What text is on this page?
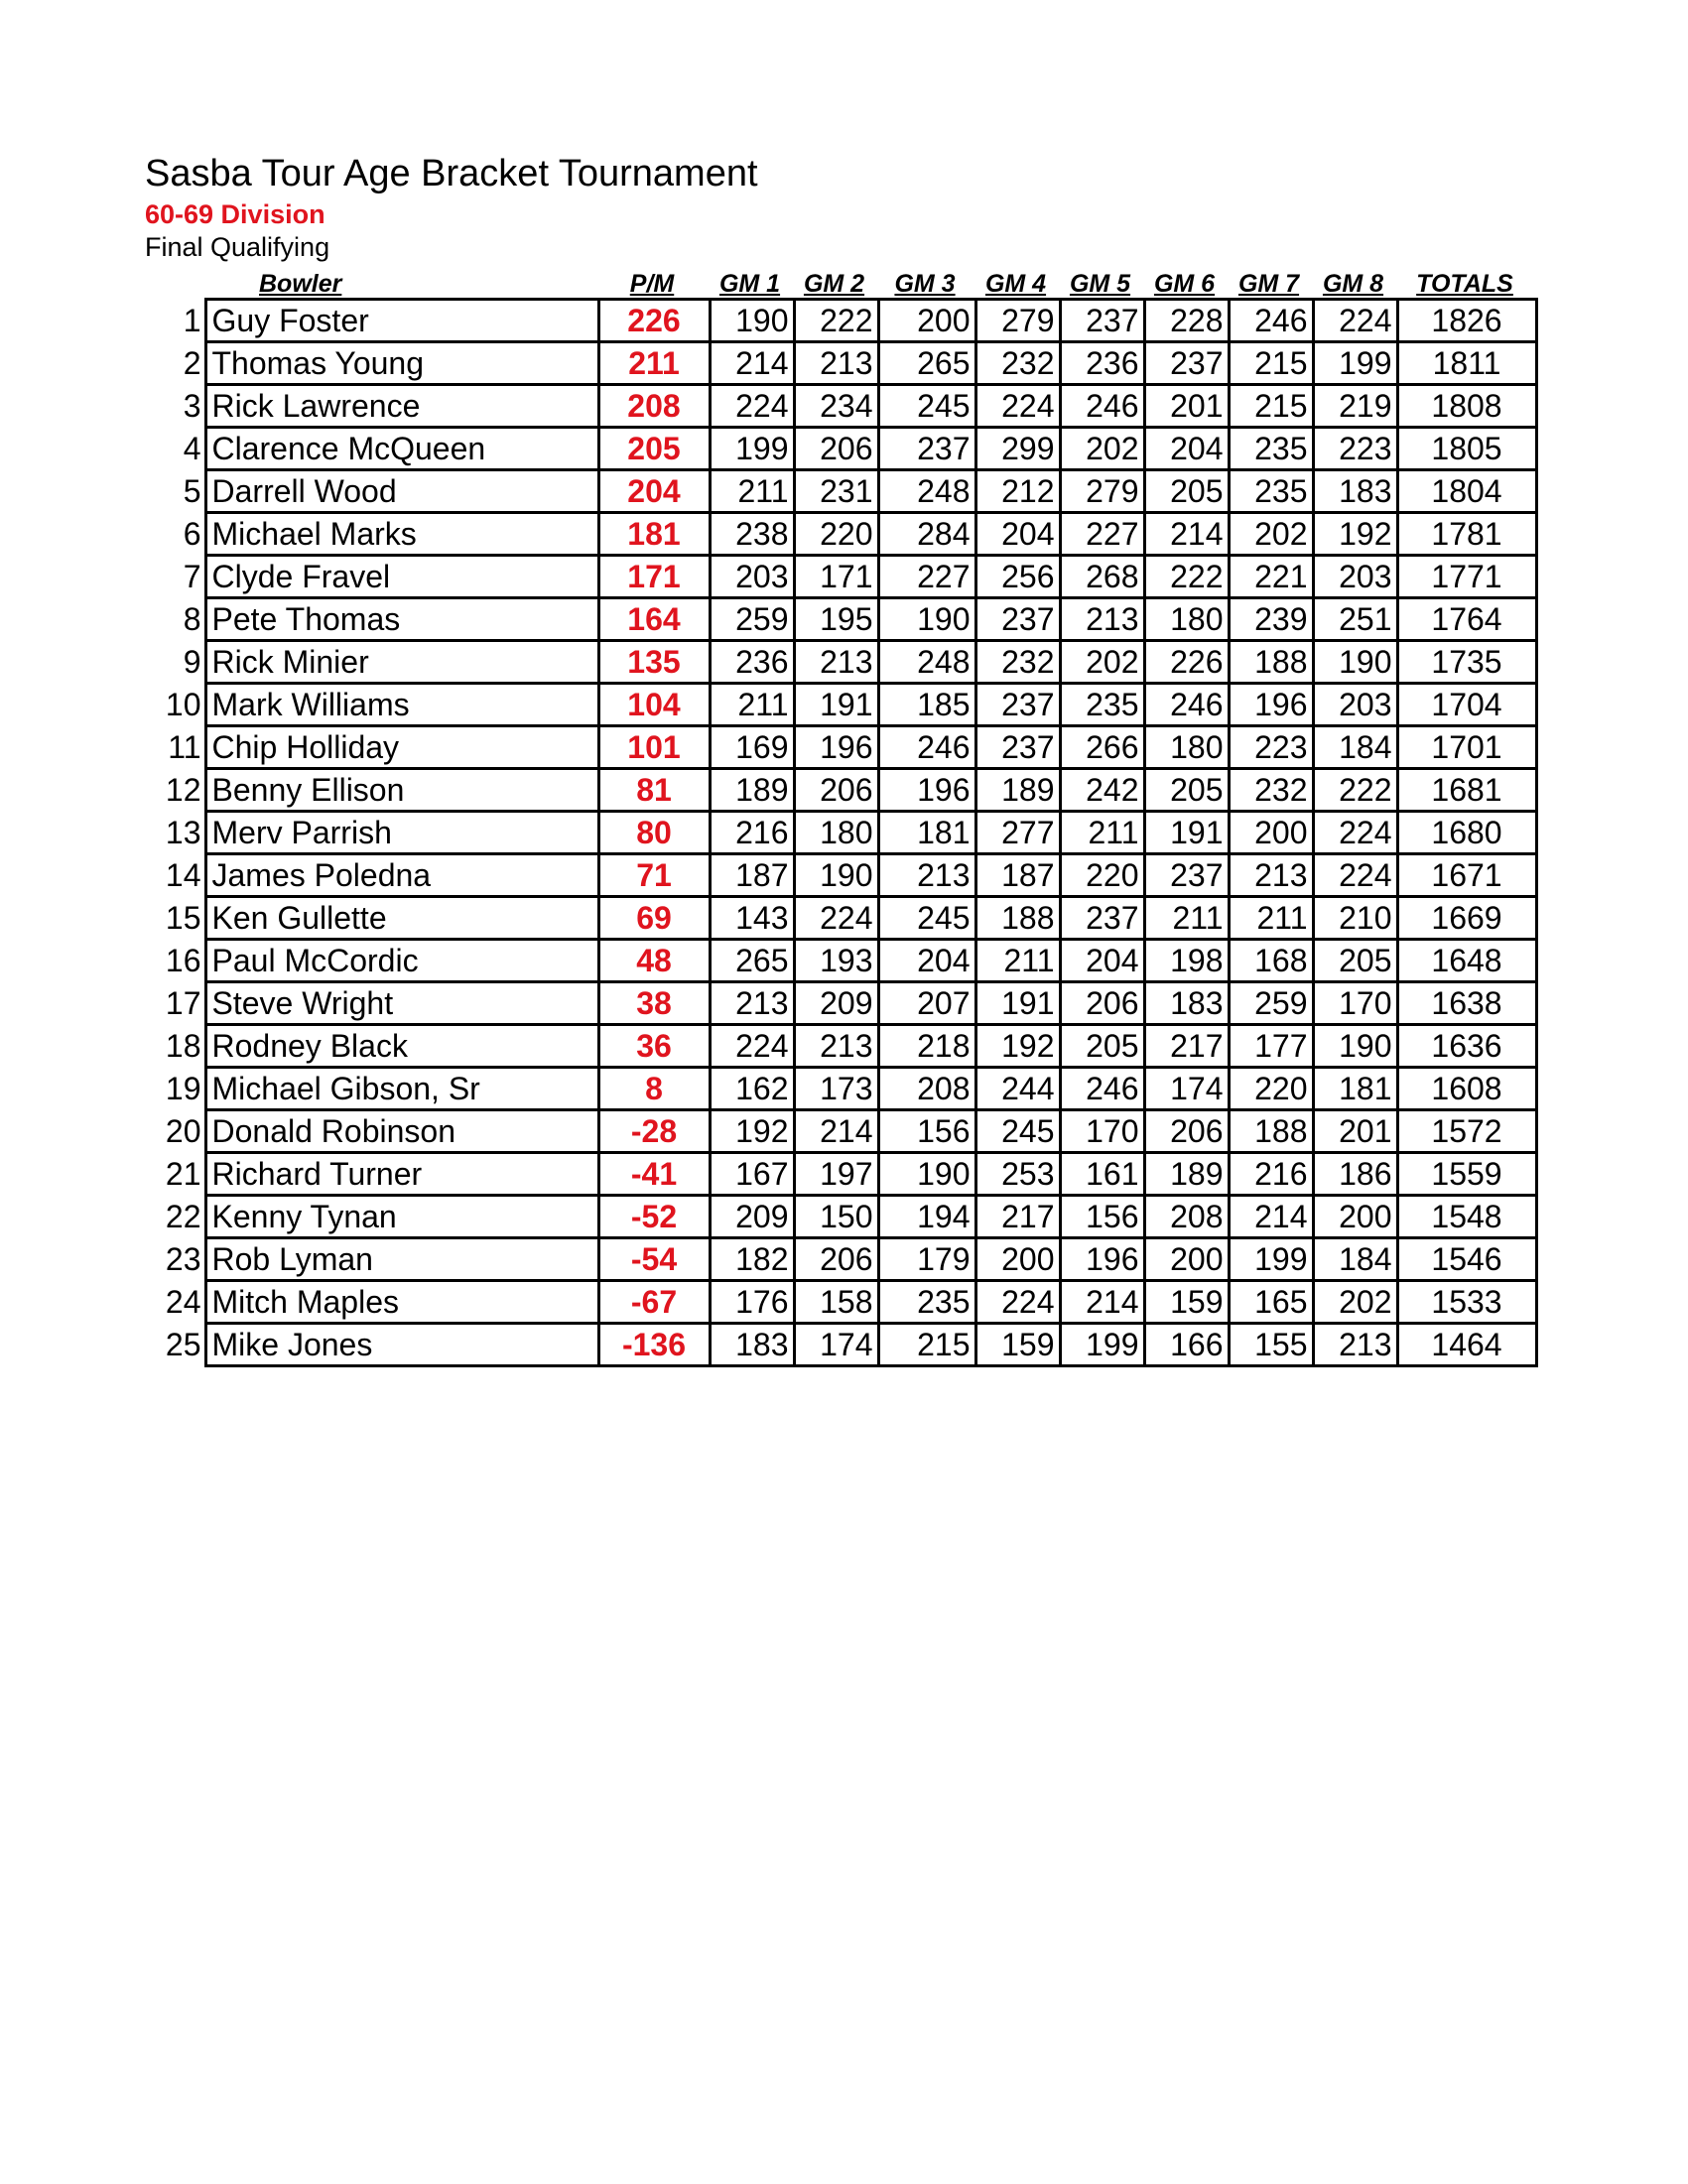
Sasba Tour Age Bracket Tournament
60-69 Division
Final Qualifying
	Bowler	P/M	GM 1	GM 2	GM 3	GM 4	GM 5	GM 6	GM 7	GM 8	TOTALS
1	Guy Foster	226	190	222	200	279	237	228	246	224	1826
2	Thomas Young	211	214	213	265	232	236	237	215	199	1811
3	Rick Lawrence	208	224	234	245	224	246	201	215	219	1808
4	Clarence McQueen	205	199	206	237	299	202	204	235	223	1805
5	Darrell Wood	204	211	231	248	212	279	205	235	183	1804
6	Michael Marks	181	238	220	284	204	227	214	202	192	1781
7	Clyde Fravel	171	203	171	227	256	268	222	221	203	1771
8	Pete Thomas	164	259	195	190	237	213	180	239	251	1764
9	Rick Minier	135	236	213	248	232	202	226	188	190	1735
10	Mark Williams	104	211	191	185	237	235	246	196	203	1704
11	Chip Holliday	101	169	196	246	237	266	180	223	184	1701
12	Benny Ellison	81	189	206	196	189	242	205	232	222	1681
13	Merv Parrish	80	216	180	181	277	211	191	200	224	1680
14	James Poledna	71	187	190	213	187	220	237	213	224	1671
15	Ken Gullette	69	143	224	245	188	237	211	211	210	1669
16	Paul McCordic	48	265	193	204	211	204	198	168	205	1648
17	Steve Wright	38	213	209	207	191	206	183	259	170	1638
18	Rodney Black	36	224	213	218	192	205	217	177	190	1636
19	Michael Gibson, Sr	8	162	173	208	244	246	174	220	181	1608
20	Donald Robinson	-28	192	214	156	245	170	206	188	201	1572
21	Richard Turner	-41	167	197	190	253	161	189	216	186	1559
22	Kenny Tynan	-52	209	150	194	217	156	208	214	200	1548
23	Rob Lyman	-54	182	206	179	200	196	200	199	184	1546
24	Mitch Maples	-67	176	158	235	224	214	159	165	202	1533
25	Mike Jones	-136	183	174	215	159	199	166	155	213	1464
